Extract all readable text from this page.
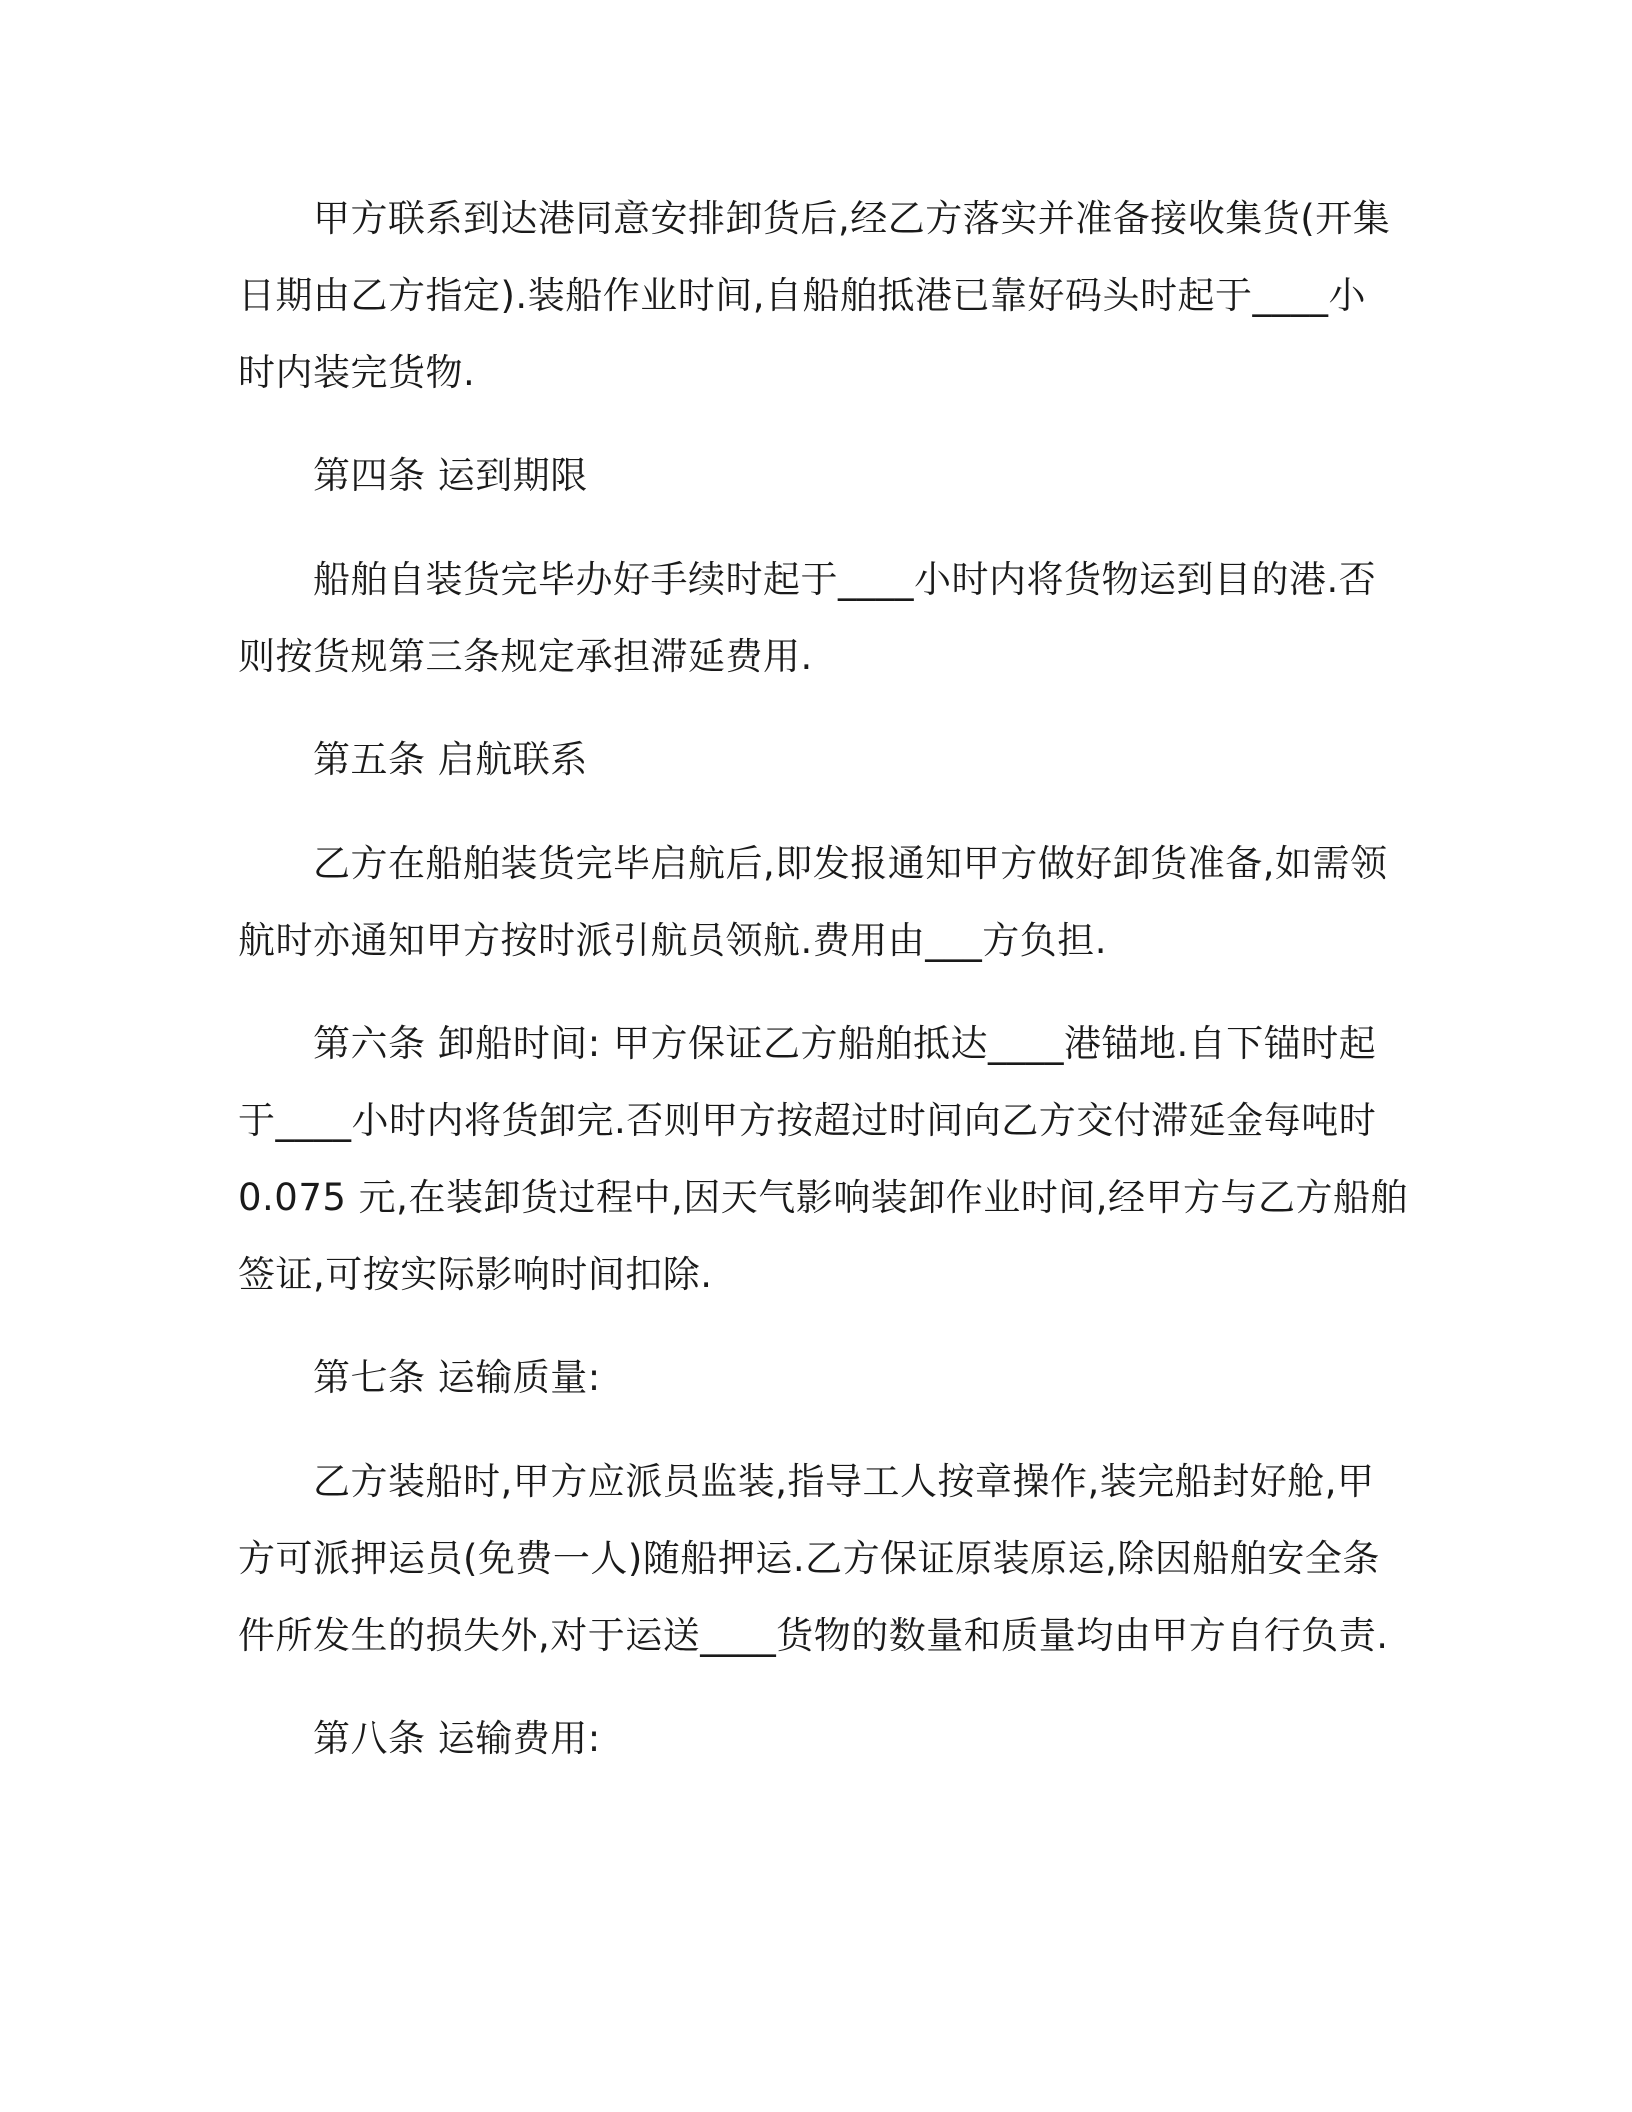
甲方联系到达港同意安排卸货后,经乙方落实并准备接收集货(开集
日期由乙方指定).装船作业时间,自船舶抵港已靠好码头时起于____小
时内装完货物.
第四条 运到期限
船舶自装货完毕办好手续时起于____小时内将货物运到目的港.否
则按货规第三条规定承担滞延费用.
第五条 启航联系
乙方在船舶装货完毕启航后,即发报通知甲方做好卸货准备,如需领
航时亦通知甲方按时派引航员领航.费用由___方负担.
第六条 卸船时间: 甲方保证乙方船舶抵达____港锚地.自下锚时起
于____小时内将货卸完.否则甲方按超过时间向乙方交付滞延金每吨时
0.075 元,在装卸货过程中,因天气影响装卸作业时间,经甲方与乙方船舶
签证,可按实际影响时间扣除.
第七条 运输质量:
乙方装船时,甲方应派员监装,指导工人按章操作,装完船封好舱,甲
方可派押运员(免费一人)随船押运.乙方保证原装原运,除因船舶安全条
件所发生的损失外,对于运送____货物的数量和质量均由甲方自行负责.
第八条 运输费用:
